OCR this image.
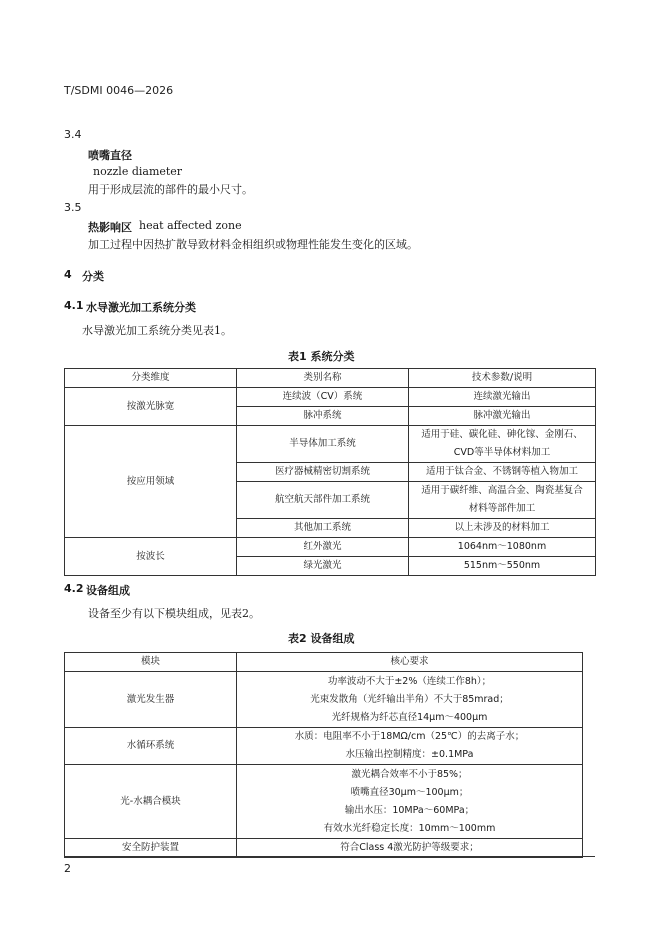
T/SDMI 0046—2026
3.4
喷嘴直径
nozzle diameter
用于形成层流的部件的最小尺寸。
3.5
热影响区 heat affected zone
加工过程中因热扩散导致材料金相组织或物理性能发生变化的区域。
4 分类
4.1 水导激光加工系统分类
水导激光加工系统分类见表1。
表1 系统分类
分类维度	类别名称	技术参数/说明
按激光脉宽	连续波（CV）系统	连续激光输出
	脉冲系统	脉冲激光输出
按应用领域	半导体加工系统	适用于硅、碳化硅、砷化镓、金刚石、
CVD等半导体材料加工

	医疗器械精密切割系统	适用于钛合金、不锈钢等植入物加工
	航空航天部件加工系统	适用于碳纤维、高温合金、陶瓷基复合
材料等部件加工

	其他加工系统	以上未涉及的材料加工
按波长	红外激光	1064nm～1080nm
	绿光激光	515nm～550nm
4.2 设备组成
设备至少有以下模块组成，见表2。
表2 设备组成
模块	核心要求
激光发生器	功率波动不大于±2%（连续工作8h）；
光束发散角（光纤输出半角）不大于85mrad；
光纤规格为纤芯直径14μm～400μm

水循环系统	水质：电阻率不小于18MΩ/cm（25℃）的去离子水；
水压输出控制精度：±0.1MPa

光-水耦合模块	激光耦合效率不小于85%；
喷嘴直径30μm～100μm；
输出水压：10MPa～60MPa；
有效水光纤稳定长度：10mm～100mm

安全防护装置	符合Class 4激光防护等级要求；
2
